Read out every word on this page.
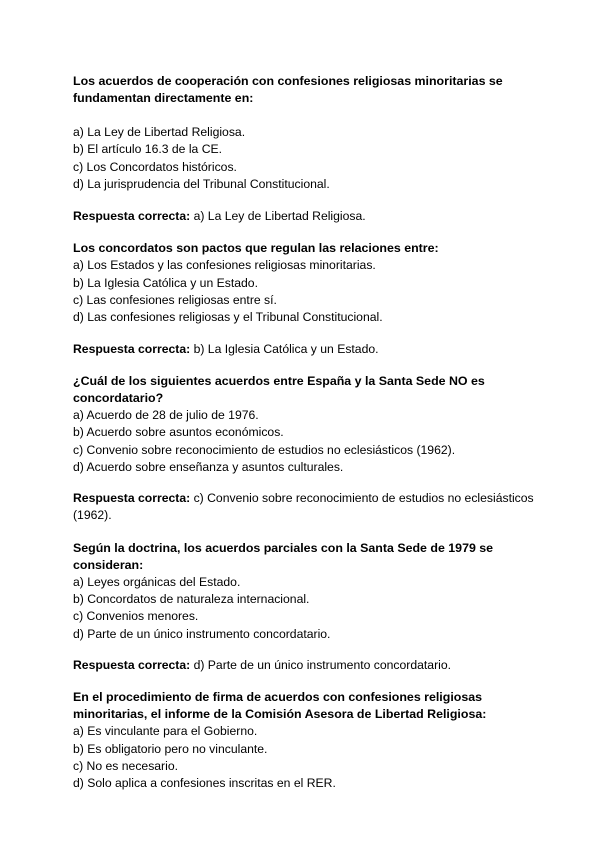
Los acuerdos de cooperación con confesiones religiosas minoritarias se fundamentan directamente en:

a) La Ley de Libertad Religiosa.

b) El artículo 16.3 de la CE.

c) Los Concordatos históricos.

d) La jurisprudencia del Tribunal Constitucional.

Respuesta correcta: a) La Ley de Libertad Religiosa.

Los concordatos son pactos que regulan las relaciones entre:

a) Los Estados y las confesiones religiosas minoritarias.

b) La Iglesia Católica y un Estado.

c) Las confesiones religiosas entre sí.

d) Las confesiones religiosas y el Tribunal Constitucional.

Respuesta correcta: b) La Iglesia Católica y un Estado.

¿Cuál de los siguientes acuerdos entre España y la Santa Sede NO es concordatario?

a) Acuerdo de 28 de julio de 1976.

b) Acuerdo sobre asuntos económicos.

c) Convenio sobre reconocimiento de estudios no eclesiásticos (1962).

d) Acuerdo sobre enseñanza y asuntos culturales.

Respuesta correcta: c) Convenio sobre reconocimiento de estudios no eclesiásticos (1962).

Según la doctrina, los acuerdos parciales con la Santa Sede de 1979 se consideran:

a) Leyes orgánicas del Estado.

b) Concordatos de naturaleza internacional.

c) Convenios menores.

d) Parte de un único instrumento concordatario.

Respuesta correcta: d) Parte de un único instrumento concordatario.

En el procedimiento de firma de acuerdos con confesiones religiosas minoritarias, el informe de la Comisión Asesora de Libertad Religiosa:

a) Es vinculante para el Gobierno.

b) Es obligatorio pero no vinculante.

c) No es necesario.

d) Solo aplica a confesiones inscritas en el RER.
